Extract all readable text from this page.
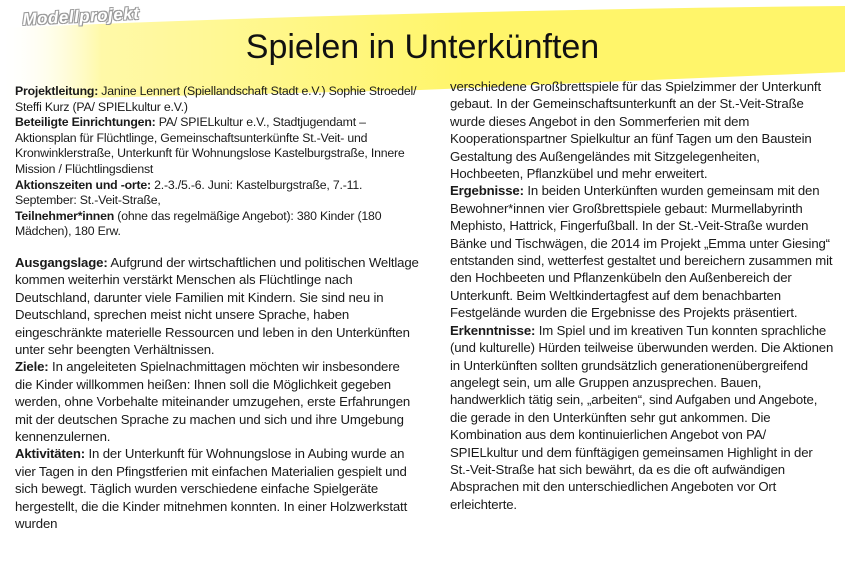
Modellprojekt
Spielen in Unterkünften

Projektleitung: Janine Lennert (Spiellandschaft Stadt e.V.) Sophie Stroedel/ Steffi Kurz (PA/ SPIELkultur e.V.)

Beteiligte Einrichtungen: PA/ SPIELkultur e.V., Stadtjugendamt – Aktionsplan für Flüchtlinge, Gemeinschaftsunterkünfte St.-Veit- und Kronwinklerstraße, Unterkunft für Wohnungslose Kastelburgstraße, Innere Mission / Flüchtlingsdienst

Aktionszeiten und -orte: 2.-3./5.-6. Juni: Kastelburgstraße, 7.-11. September: St.-Veit-Straße,

Teilnehmer*innen (ohne das regelmäßige Angebot): 380 Kinder (180 Mädchen), 180 Erw.

Ausgangslage: Aufgrund der wirtschaftlichen und politischen Weltlage kommen weiterhin verstärkt Menschen als Flüchtlinge nach Deutschland, darunter viele Familien mit Kindern. Sie sind neu in Deutschland, sprechen meist nicht unsere Sprache, haben eingeschränkte materielle Ressourcen und leben in den Unterkünften unter sehr beengten Verhältnissen.

Ziele: In angeleiteten Spielnachmittagen möchten wir insbesondere die Kinder willkommen heißen: Ihnen soll die Möglichkeit gegeben werden, ohne Vorbehalte miteinander umzugehen, erste Erfahrungen mit der deutschen Sprache zu machen und sich und ihre Umgebung kennenzulernen.

Aktivitäten: In der Unterkunft für Wohnungslose in Aubing wurde an vier Tagen in den Pfingstferien mit einfachen Materialien gespielt und sich bewegt. Täglich wurden verschiedene einfache Spielgeräte hergestellt, die die Kinder mitnehmen konnten. In einer Holzwerkstatt wurden

verschiedene Großbrettspiele für das Spielzimmer der Unterkunft gebaut. In der Gemeinschaftsunterkunft an der St.-Veit-Straße wurde dieses Angebot in den Sommerferien mit dem Kooperationspartner Spielkultur an fünf Tagen um den Baustein Gestaltung des Außengeländes mit Sitzgelegenheiten, Hochbeeten, Pflanzkübel und mehr erweitert.

Ergebnisse: In beiden Unterkünften wurden gemeinsam mit den Bewohner*innen vier Großbrettspiele gebaut: Murmellabyrinth Mephisto, Hattrick, Fingerfußball. In der St.-Veit-Straße wurden Bänke und Tischwägen, die 2014 im Projekt „Emma unter Giesing“ entstanden sind, wetterfest gestaltet und bereichern zusammen mit den Hochbeeten und Pflanzenkübeln den Außenbereich der Unterkunft. Beim Weltkindertagfest auf dem benachbarten Festgelände wurden die Ergebnisse des Projekts präsentiert.

Erkenntnisse: Im Spiel und im kreativen Tun konnten sprachliche (und kulturelle) Hürden teilweise überwunden werden. Die Aktionen in Unterkünften sollten grundsätzlich generationenübergreifend angelegt sein, um alle Gruppen anzusprechen. Bauen, handwerklich tätig sein, „arbeiten“, sind Aufgaben und Angebote, die gerade in den Unterkünften sehr gut ankommen. Die Kombination aus dem kontinuierlichen Angebot von PA/ SPIELkultur und dem fünftägigen gemeinsamen Highlight in der St.-Veit-Straße hat sich bewährt, da es die oft aufwändigen Absprachen mit den unterschiedlichen Angeboten vor Ort erleichterte.
